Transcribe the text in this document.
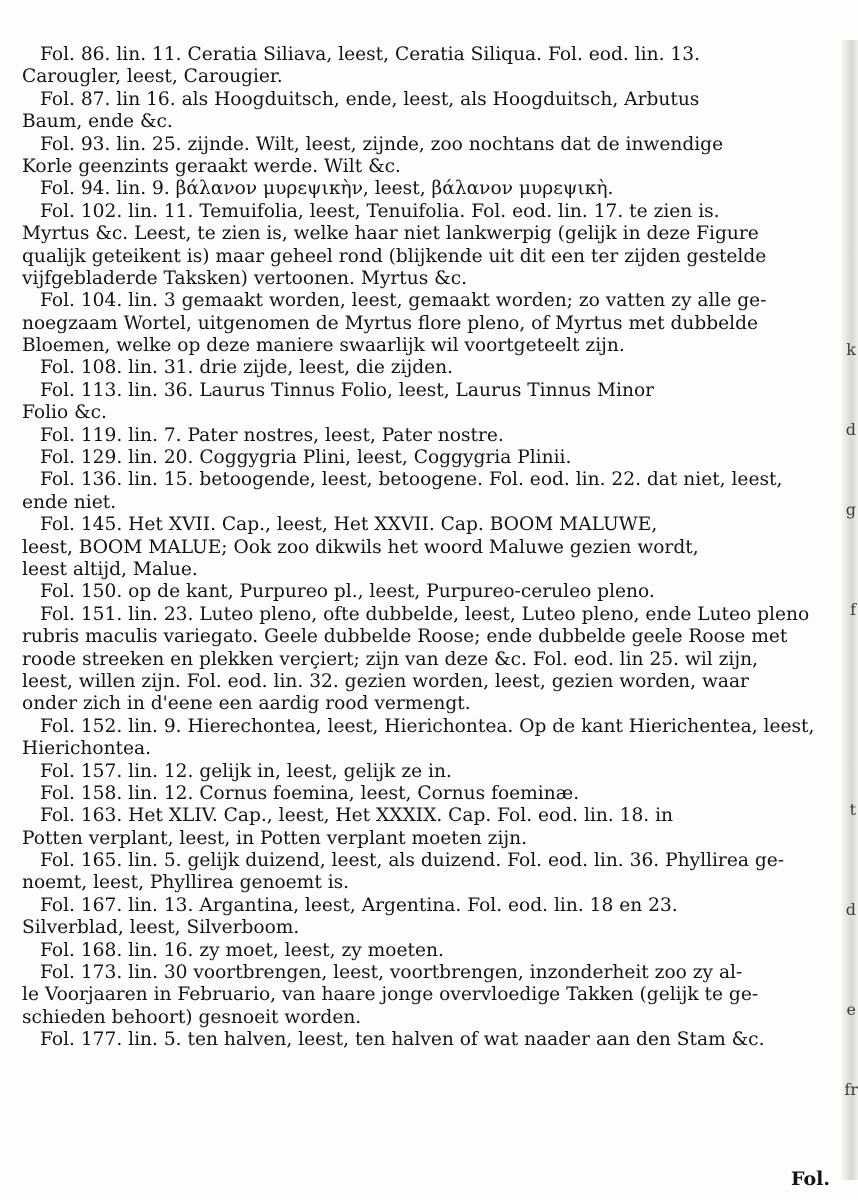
k
d
g
f
t
d
e
fr
Fol. 86. lin. 11. Ceratia Siliava, leest, Ceratia Siliqua. Fol. eod. lin. 13.
Carougler, leest, Carougier.
Fol. 87. lin 16. als Hoogduitsch, ende, leest, als Hoogduitsch, Arbutus
Baum, ende &c.
Fol. 93. lin. 25. zijnde. Wilt, leest, zijnde, zoo nochtans dat de inwendige
Korle geenzints geraakt werde. Wilt &c.
Fol. 94. lin. 9. βάλανον μυρεψικὴν, leest, βάλανον μυρεψικὴ.
Fol. 102. lin. 11. Temuifolia, leest, Tenuifolia. Fol. eod. lin. 17. te zien is.
Myrtus &c. Leest, te zien is, welke haar niet lankwerpig (gelijk in deze Figure
qualijk geteikent is) maar geheel rond (blijkende uit dit een ter zijden gestelde
vijfgebladerde Taksken) vertoonen. Myrtus &c.
Fol. 104. lin. 3 gemaakt worden, leest, gemaakt worden; zo vatten zy alle ge-
noegzaam Wortel, uitgenomen de Myrtus flore pleno, of Myrtus met dubbelde
Bloemen, welke op deze maniere swaarlijk wil voortgeteelt zijn.
Fol. 108. lin. 31. drie zijde, leest, die zijden.
Fol. 113. lin. 36. Laurus Tinnus Folio, leest, Laurus Tinnus Minor
Folio &c.
Fol. 119. lin. 7. Pater nostres, leest, Pater nostre.
Fol. 129. lin. 20. Coggygria Plini, leest, Coggygria Plinii.
Fol. 136. lin. 15. betoogende, leest, betoogene. Fol. eod. lin. 22. dat niet, leest,
ende niet.
Fol. 145. Het XVII. Cap., leest, Het XXVII. Cap. BOOM MALUWE,
leest, BOOM MALUE; Ook zoo dikwils het woord Maluwe gezien wordt,
leest altijd, Malue.
Fol. 150. op de kant, Purpureo pl., leest, Purpureo-ceruleo pleno.
Fol. 151. lin. 23. Luteo pleno, ofte dubbelde, leest, Luteo pleno, ende Luteo pleno
rubris maculis variegato. Geele dubbelde Roose; ende dubbelde geele Roose met
roode streeken en plekken verçiert; zijn van deze &c. Fol. eod. lin 25. wil zijn,
leest, willen zijn. Fol. eod. lin. 32. gezien worden, leest, gezien worden, waar
onder zich in d'eene een aardig rood vermengt.
Fol. 152. lin. 9. Hierechontea, leest, Hierichontea. Op de kant Hierichentea, leest,
Hierichontea.
Fol. 157. lin. 12. gelijk in, leest, gelijk ze in.
Fol. 158. lin. 12. Cornus foemina, leest, Cornus foeminæ.
Fol. 163. Het XLIV. Cap., leest, Het XXXIX. Cap. Fol. eod. lin. 18. in
Potten verplant, leest, in Potten verplant moeten zijn.
Fol. 165. lin. 5. gelijk duizend, leest, als duizend. Fol. eod. lin. 36. Phyllirea ge-
noemt, leest, Phyllirea genoemt is.
Fol. 167. lin. 13. Argantina, leest, Argentina. Fol. eod. lin. 18 en 23.
Silverblad, leest, Silverboom.
Fol. 168. lin. 16. zy moet, leest, zy moeten.
Fol. 173. lin. 30 voortbrengen, leest, voortbrengen, inzonderheit zoo zy al-
le Voorjaaren in Februario, van haare jonge overvloedige Takken (gelijk te ge-
schieden behoort) gesnoeit worden.
Fol. 177. lin. 5. ten halven, leest, ten halven of wat naader aan den Stam &c.
Fol.
